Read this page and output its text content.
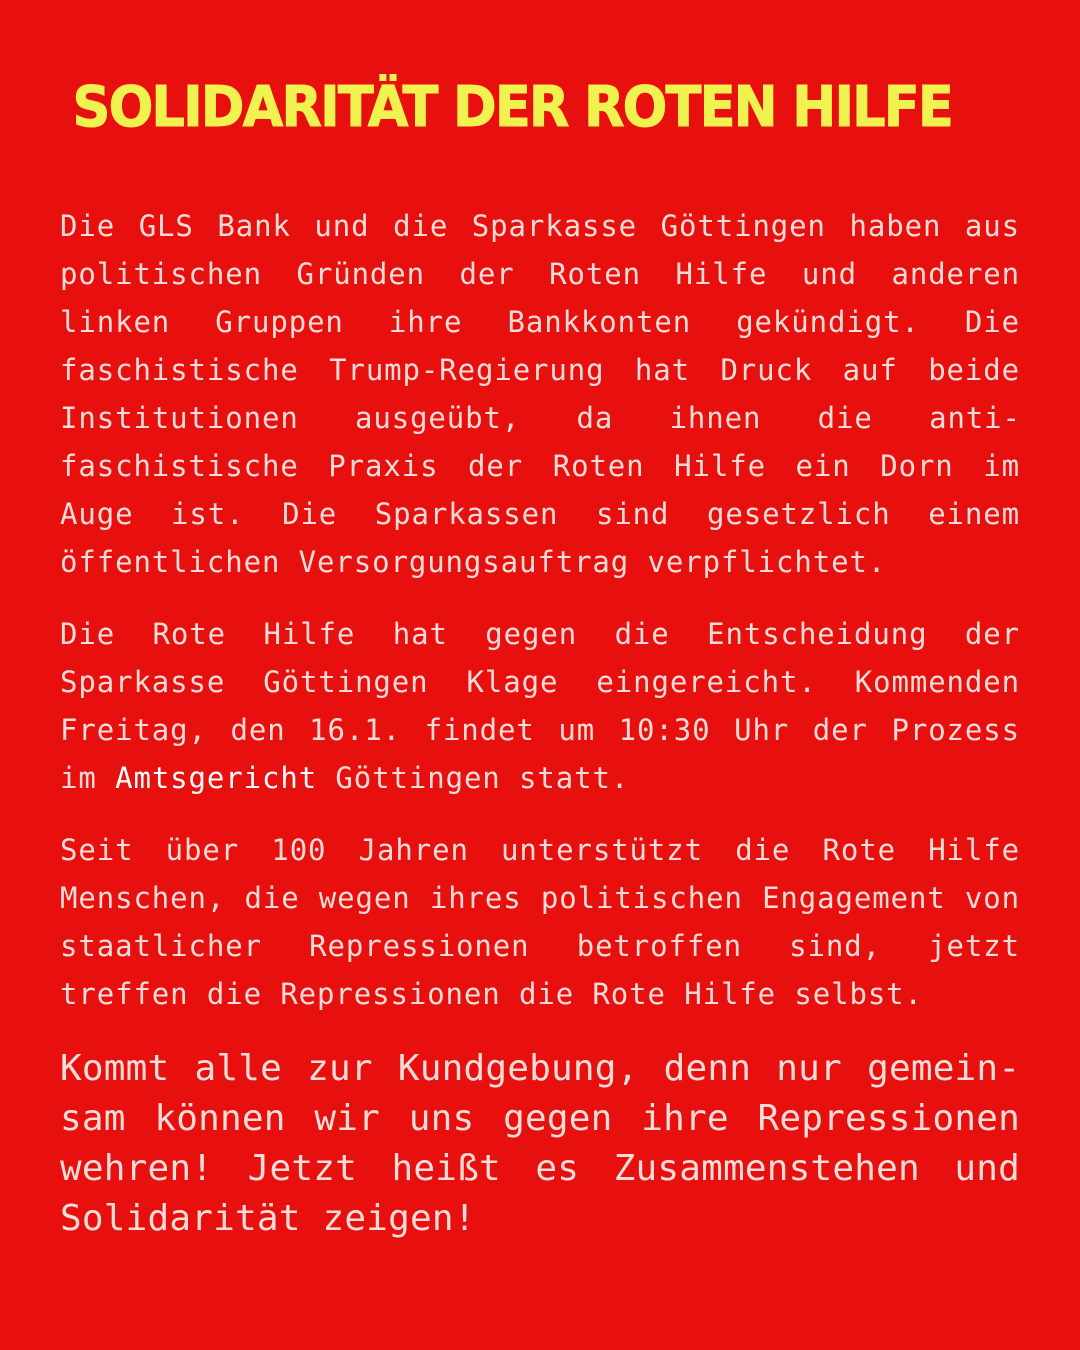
SOLIDARITÄT DER ROTEN HILFE

Die GLS Bank und die Sparkasse Göttingen haben aus politischen Gründen der Roten Hilfe und anderen linken Gruppen ihre Bankkonten gekündigt. Die faschistische Trump-Regierung hat Druck auf beide Institutionen ausgeübt, da ihnen die antifaschistische Praxis der Roten Hilfe ein Dorn im Auge ist. Die Sparkassen sind gesetzlich einem öffentlichen Versorgungsauftrag verpflichtet.

Die Rote Hilfe hat gegen die Entscheidung der Sparkasse Göttingen Klage eingereicht. Kommenden Freitag, den 16.1. findet um 10:30 Uhr der Prozess im Amtsgericht Göttingen statt.

Seit über 100 Jahren unterstützt die Rote Hilfe Menschen, die wegen ihres politischen Engagement von staatlicher Repressionen betroffen sind, jetzt treffen die Repressionen die Rote Hilfe selbst.

Kommt alle zur Kundgebung, denn nur gemeinsam können wir uns gegen ihre Repressionen wehren! Jetzt heißt es Zusammenstehen und Solidarität zeigen!
